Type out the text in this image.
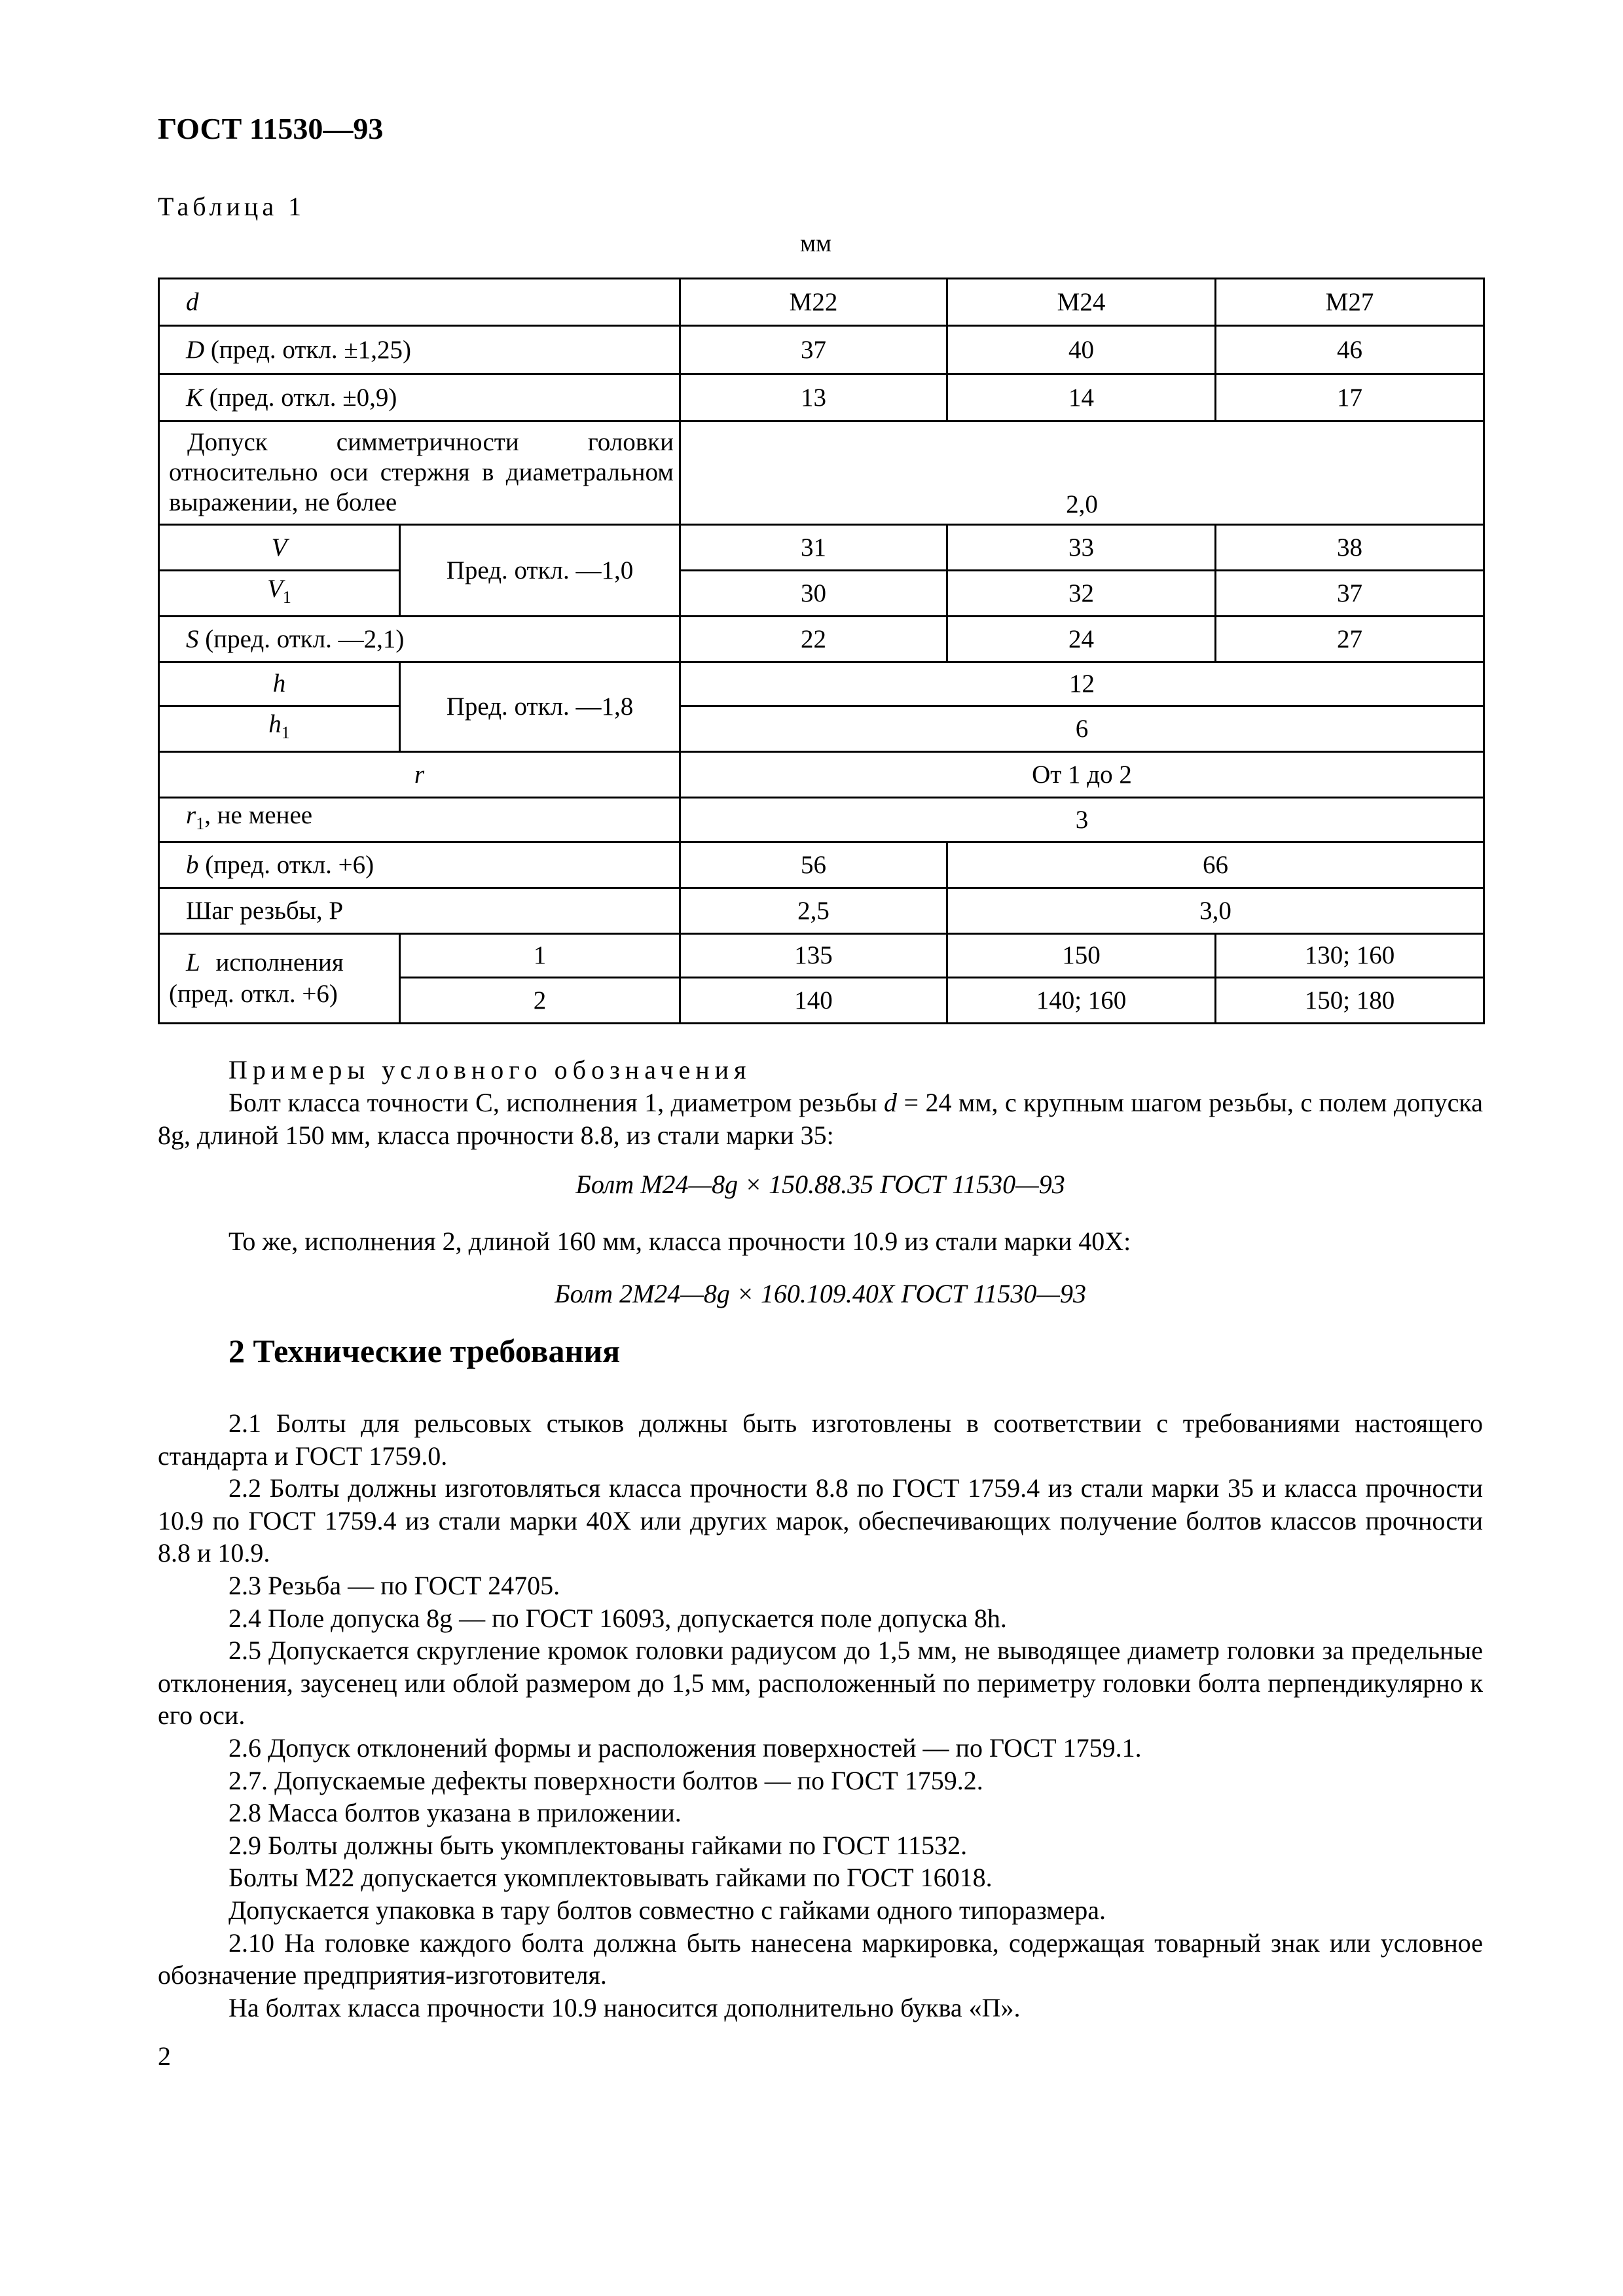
ГОСТ 11530—93
Таблица 1
мм
d		M22	M24	M27
D (пред. откл. ±1,25)		37	40	46
K (пред. откл. ±0,9)		13	14	17
Допуск симметричности головки относительно оси стержня в диаметральном выражении, не более		2,0		
V	Пред. откл. —1,0	31	33	38
$V_1$		30	32	37
S (пред. откл. —2,1)		22	24	27
h	Пред. откл. —1,8	12		
$h_1$		6		
r		От 1 до 2		
$r_1$, не менее		3		
b (пред. откл. +6)		56	66	
Шаг резьбы, P		2,5	3,0	
L исполнения
(пред. откл. +6)	1	135	150	130; 160
	2	140	140; 160	150; 180
Примеры условного обозначения
Болт класса точности С, исполнения 1, диаметром резьбы d = 24 мм, с крупным шагом резьбы, с полем допуска 8g, длиной 150 мм, класса прочности 8.8, из стали марки 35:
Болт М24—8g × 150.88.35 ГОСТ 11530—93
То же, исполнения 2, длиной 160 мм, класса прочности 10.9 из стали марки 40Х:
Болт 2М24—8g × 160.109.40Х ГОСТ 11530—93
2 Технические требования
2.1 Болты для рельсовых стыков должны быть изготовлены в соответствии с требованиями настоящего стандарта и ГОСТ 1759.0.
2.2 Болты должны изготовляться класса прочности 8.8 по ГОСТ 1759.4 из стали марки 35 и класса прочности 10.9 по ГОСТ 1759.4 из стали марки 40Х или других марок, обеспечивающих получение болтов классов прочности 8.8 и 10.9.
2.3 Резьба — по ГОСТ 24705.
2.4 Поле допуска 8g — по ГОСТ 16093, допускается поле допуска 8h.
2.5 Допускается скругление кромок головки радиусом до 1,5 мм, не выводящее диаметр головки за предельные отклонения, заусенец или облой размером до 1,5 мм, расположенный по периметру головки болта перпендикулярно к его оси.
2.6 Допуск отклонений формы и расположения поверхностей — по ГОСТ 1759.1.
2.7. Допускаемые дефекты поверхности болтов — по ГОСТ 1759.2.
2.8 Масса болтов указана в приложении.
2.9 Болты должны быть укомплектованы гайками по ГОСТ 11532.
Болты М22 допускается укомплектовывать гайками по ГОСТ 16018.
Допускается упаковка в тару болтов совместно с гайками одного типоразмера.
2.10 На головке каждого болта должна быть нанесена маркировка, содержащая товарный знак или условное обозначение предприятия-изготовителя.
На болтах класса прочности 10.9 наносится дополнительно буква «П».
2
